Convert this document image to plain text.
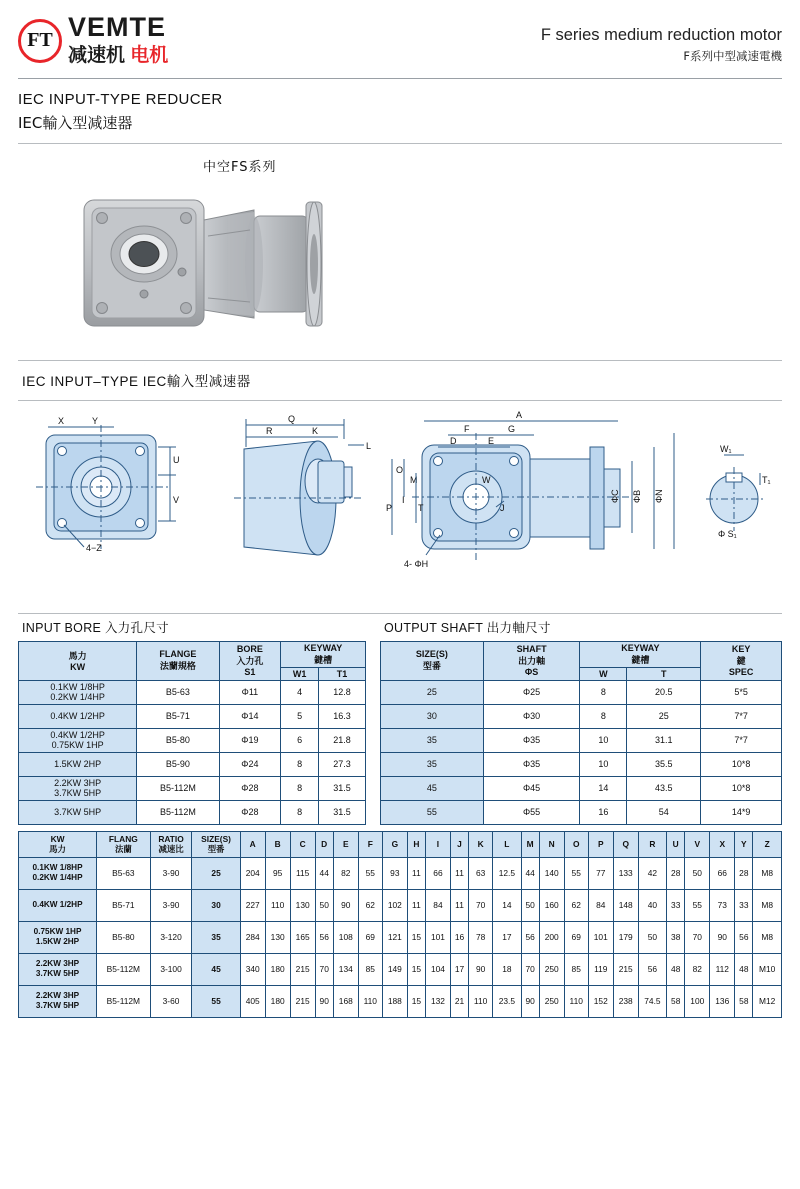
FT VEMTE
减速机 电机
F series medium reduction motor
F系列中型减速電機
IEC INPUT-TYPE REDUCER
IEC輸入型减速器
中空FS系列
IEC INPUT–TYPE IEC輸入型减速器
X	Y
U
V
4−Z
Q
R	K
L
A
F	G
D	E
O
M
P
I
T
W
J
4- ΦH
ΦC ΦB ΦN
W₁
T₁
Φ S₁
INPUT BORE 入力孔尺寸
馬力
KW

FLANGE
法蘭規格

BORE
入力孔
S1

KEYWAY
鍵槽

			W1	T1

0.1KW 1/8HP
0.2KW 1/4HP	B5-63	Φ11	4	12.8
0.4KW 1/2HP	B5-71	Φ14	5	16.3

0.4KW 1/2HP
0.75KW 1HP	B5-80	Φ19	6	21.8
1.5KW 2HP	B5-90	Φ24	8	27.3

2.2KW 3HP
3.7KW 5HP	B5-112M	Φ28	8	31.5
3.7KW 5HP	B5-112M	Φ28	8	31.5
OUTPUT SHAFT 出力軸尺寸
SIZE(S)
型番

SHAFT
出力軸
ΦS

KEYWAY
鍵槽

KEY
鍵
SPEC

		W	T	
25	Φ25	8	20.5	5*5
30	Φ30	8	25	7*7
35	Φ35	10	31.1	7*7
35	Φ35	10	35.5	10*8
45	Φ45	14	43.5	10*8
55	Φ55	16	54	14*9
KW
馬力

FLANG
法蘭

RATIO
减速比

SIZE(S)
型番
	A	B	C	D	E	F	G	H	I	J	K	L	M	N	O	P	Q	R	U	V	X	Y	Z

0.1KW 1/8HP
0.2KW 1/4HP	B5-63	3-90	25	204	95	115	44	82	55	93	11	66	11	63	12.5	44	140	55	77	133	42	28	50	66	28	M8
0.4KW 1/2HP	B5-71	3-90	30	227	110	130	50	90	62	102	11	84	11	70	14	50	160	62	84	148	40	33	55	73	33	M8

0.75KW 1HP
1.5KW 2HP	B5-80	3-120	35	284	130	165	56	108	69	121	15	101	16	78	17	56	200	69	101	179	50	38	70	90	56	M8

2.2KW 3HP
3.7KW 5HP	B5-112M	3-100	45	340	180	215	70	134	85	149	15	104	17	90	18	70	250	85	119	215	56	48	82	112	48	M10

2.2KW 3HP
3.7KW 5HP	B5-112M	3-60	55	405	180	215	90	168	110	188	15	132	21	110	23.5	90	250	110	152	238	74.5	58	100	136	58	M12
